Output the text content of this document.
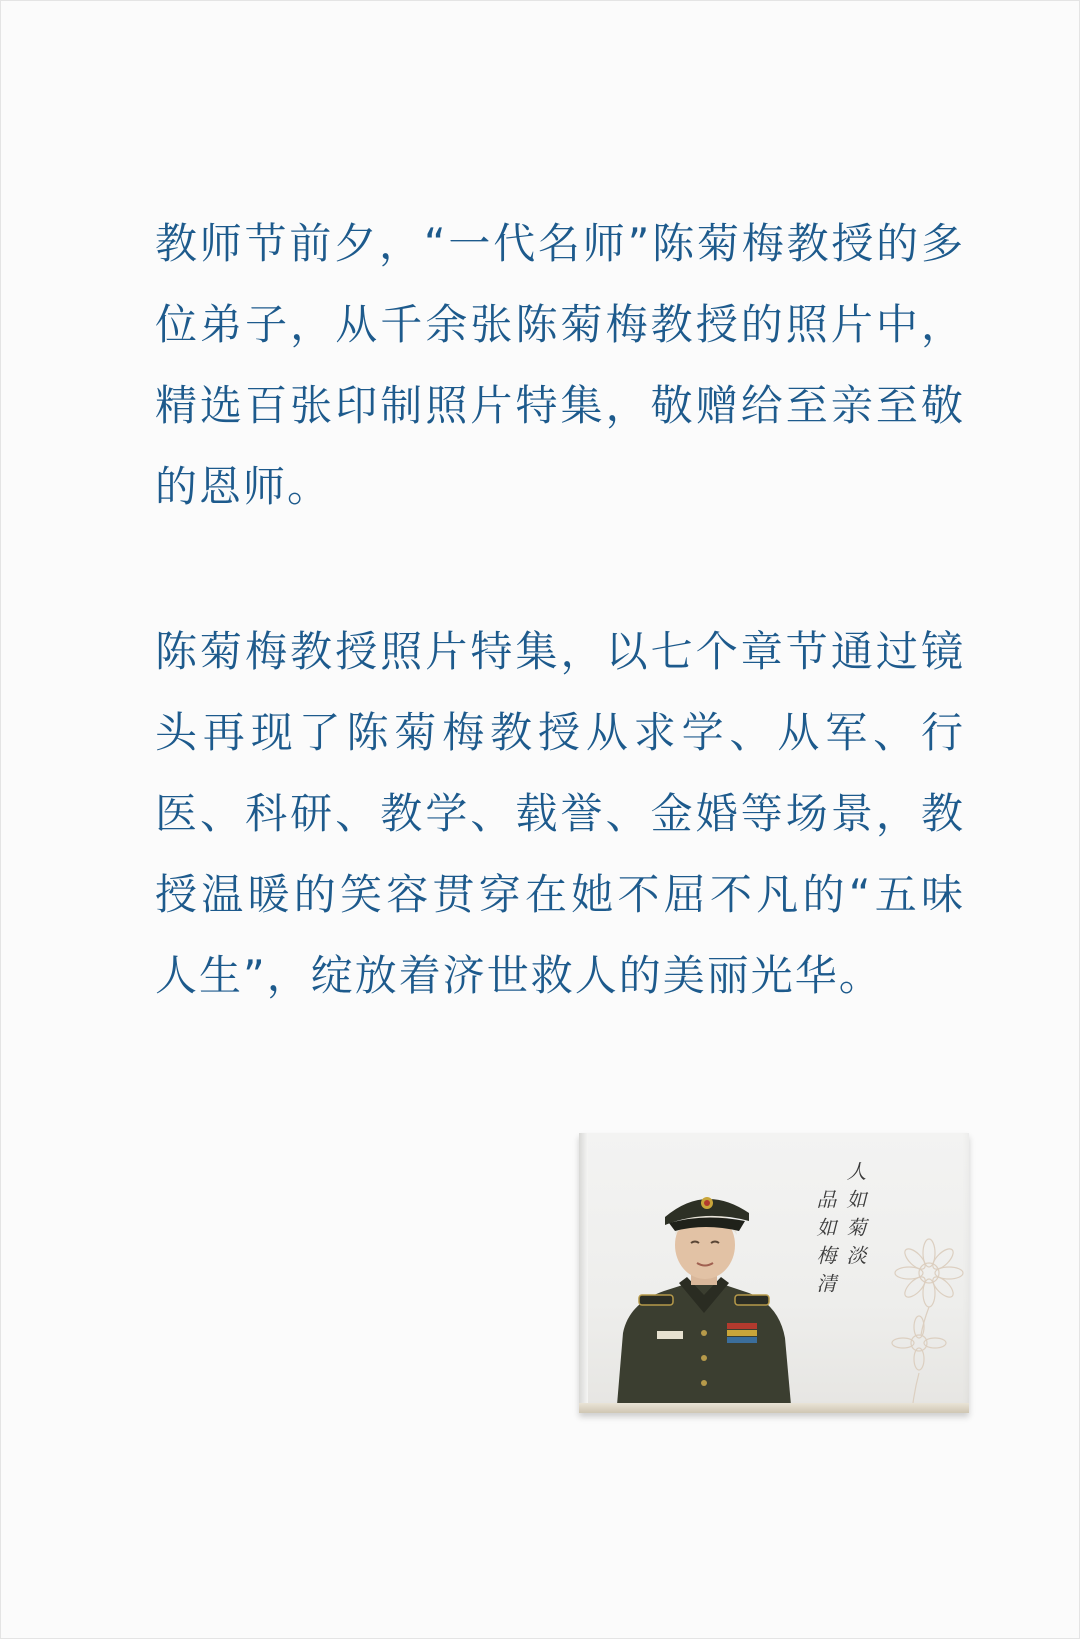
教师节前夕，“一代名师”陈菊梅教授的多位弟子，从千余张陈菊梅教授的照片中，精选百张印制照片特集，敬赠给至亲至敬的恩师。

陈菊梅教授照片特集，以七个章节通过镜头再现了陈菊梅教授从求学、从军、行医、科研、教学、载誉、金婚等场景，教授温暖的笑容贯穿在她不屈不凡的“五味人生”，绽放着济世救人的美丽光华。

人如菊淡
品如梅清
